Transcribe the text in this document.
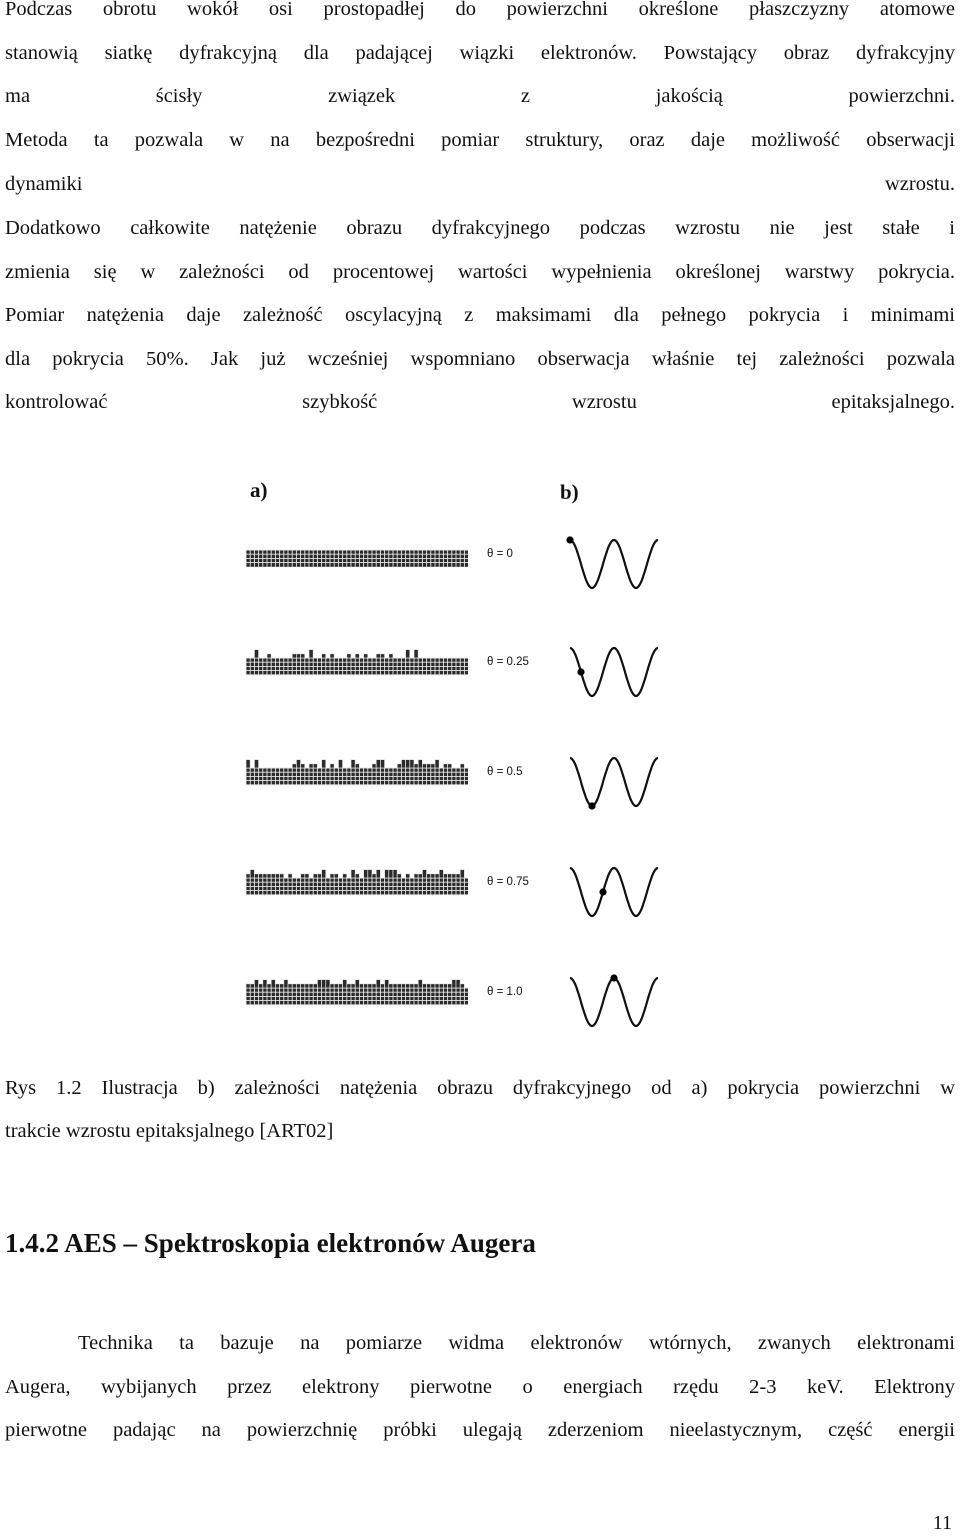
Podczas obrotu wokół osi prostopadłej do powierzchni określone płaszczyzny atomowe
stanowią siatkę dyfrakcyjną dla padającej wiązki elektronów. Powstający obraz dyfrakcyjny
ma ścisły związek z jakością powierzchni.
Metoda ta pozwala w na bezpośredni pomiar struktury, oraz daje możliwość obserwacji
dynamiki wzrostu.
Dodatkowo całkowite natężenie obrazu dyfrakcyjnego podczas wzrostu nie jest stałe i
zmienia się w zależności od procentowej wartości wypełnienia określonej warstwy pokrycia.
Pomiar natężenia daje zależność oscylacyjną z maksimami dla pełnego pokrycia i minimami
dla pokrycia 50%. Jak już wcześniej wspomniano obserwacja właśnie tej zależności pozwala
kontrolować szybkość wzrostu epitaksjalnego.
a)	b)
θ = 0
θ = 0.25
θ = 0.5
θ = 0.75
θ = 1.0
Rys 1.2 Ilustracja b) zależności natężenia obrazu dyfrakcyjnego od a) pokrycia powierzchni w
trakcie wzrostu epitaksjalnego [ART02]
1.4.2 AES – Spektroskopia elektronów Augera
Technika ta bazuje na pomiarze widma elektronów wtórnych, zwanych elektronami
Augera, wybijanych przez elektrony pierwotne o energiach rzędu 2-3 keV. Elektrony
pierwotne padając na powierzchnię próbki ulegają zderzeniom nieelastycznym, część energii
11
